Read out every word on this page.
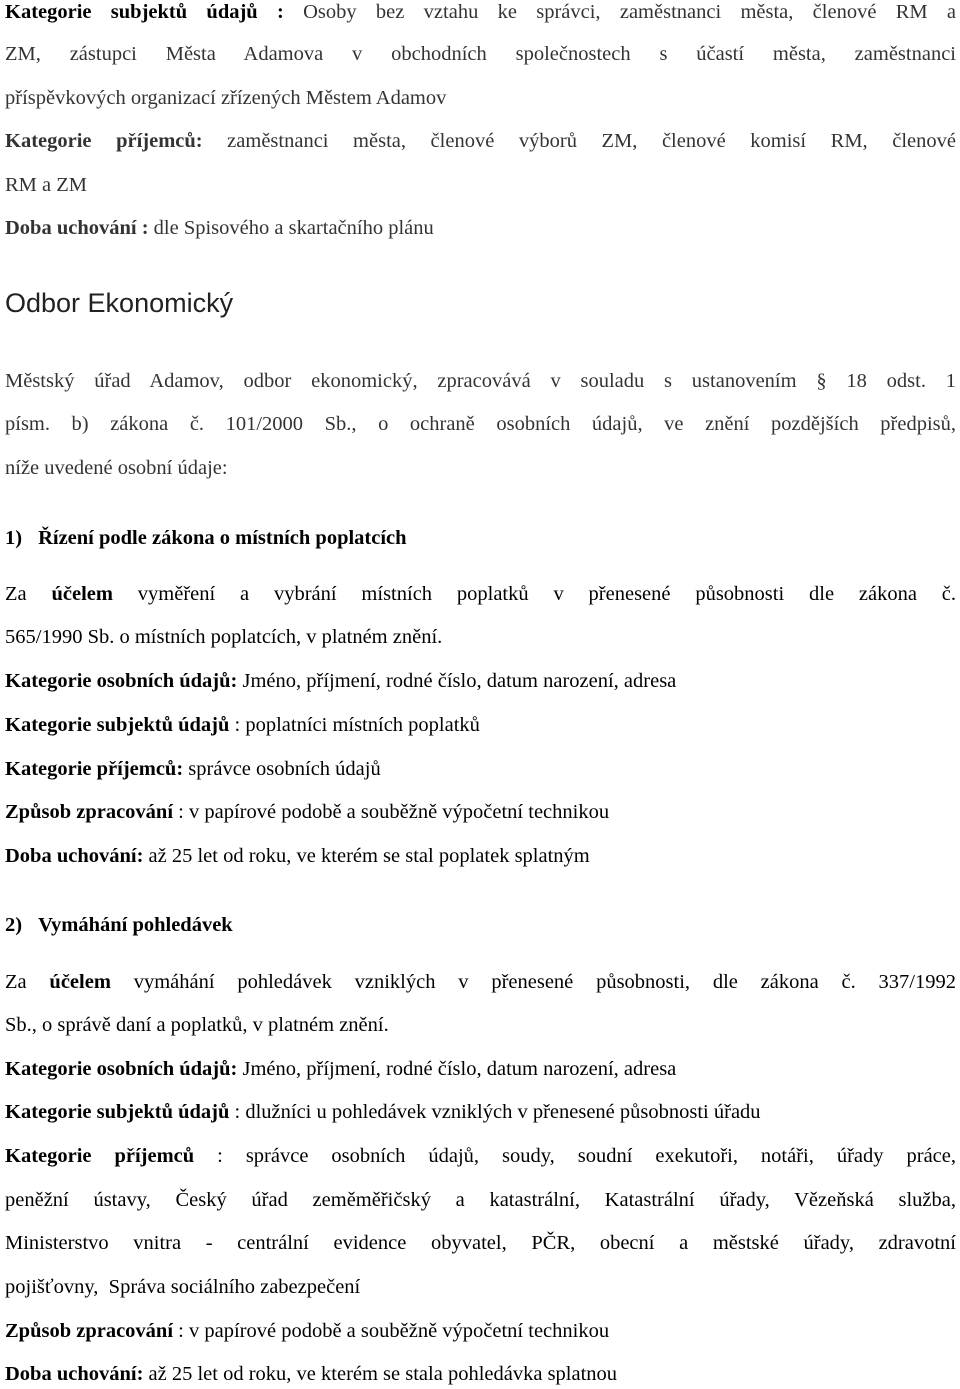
Kategorie subjektů údajů : Osoby bez vztahu ke správci, zaměstnanci města, členové RM a
ZM, zástupci Města Adamova v obchodních společnostech s účastí města, zaměstnanci
příspěvkových organizací zřízených Městem Adamov
Kategorie příjemců: zaměstnanci města, členové výborů ZM, členové komisí RM, členové
RM a ZM
Doba uchování : dle Spisového a skartačního plánu
Odbor Ekonomický
Městský úřad Adamov, odbor ekonomický, zpracovává v souladu s ustanovením § 18 odst. 1
písm. b) zákona č. 101/2000 Sb., o ochraně osobních údajů, ve znění pozdějších předpisů,
níže uvedené osobní údaje:
1) Řízení podle zákona o místních poplatcích
Za účelem vyměření a vybrání místních poplatků v přenesené působnosti dle zákona č.
565/1990 Sb. o místních poplatcích, v platném znění.
Kategorie osobních údajů: Jméno, příjmení, rodné číslo, datum narození, adresa
Kategorie subjektů údajů : poplatníci místních poplatků
Kategorie příjemců: správce osobních údajů
Způsob zpracování : v papírové podobě a souběžně výpočetní technikou
Doba uchování: až 25 let od roku, ve kterém se stal poplatek splatným
2) Vymáhání pohledávek
Za účelem vymáhání pohledávek vzniklých v přenesené působnosti, dle zákona č. 337/1992
Sb., o správě daní a poplatků, v platném znění.
Kategorie osobních údajů: Jméno, příjmení, rodné číslo, datum narození, adresa
Kategorie subjektů údajů : dlužníci u pohledávek vzniklých v přenesené působnosti úřadu
Kategorie příjemců : správce osobních údajů, soudy, soudní exekutoři, notáři, úřady práce,
peněžní ústavy, Český úřad zeměměřičský a katastrální, Katastrální úřady, Vězeňská služba,
Ministerstvo vnitra - centrální evidence obyvatel, PČR, obecní a městské úřady, zdravotní
pojišťovny,  Správa sociálního zabezpečení
Způsob zpracování : v papírové podobě a souběžně výpočetní technikou
Doba uchování: až 25 let od roku, ve kterém se stala pohledávka splatnou
